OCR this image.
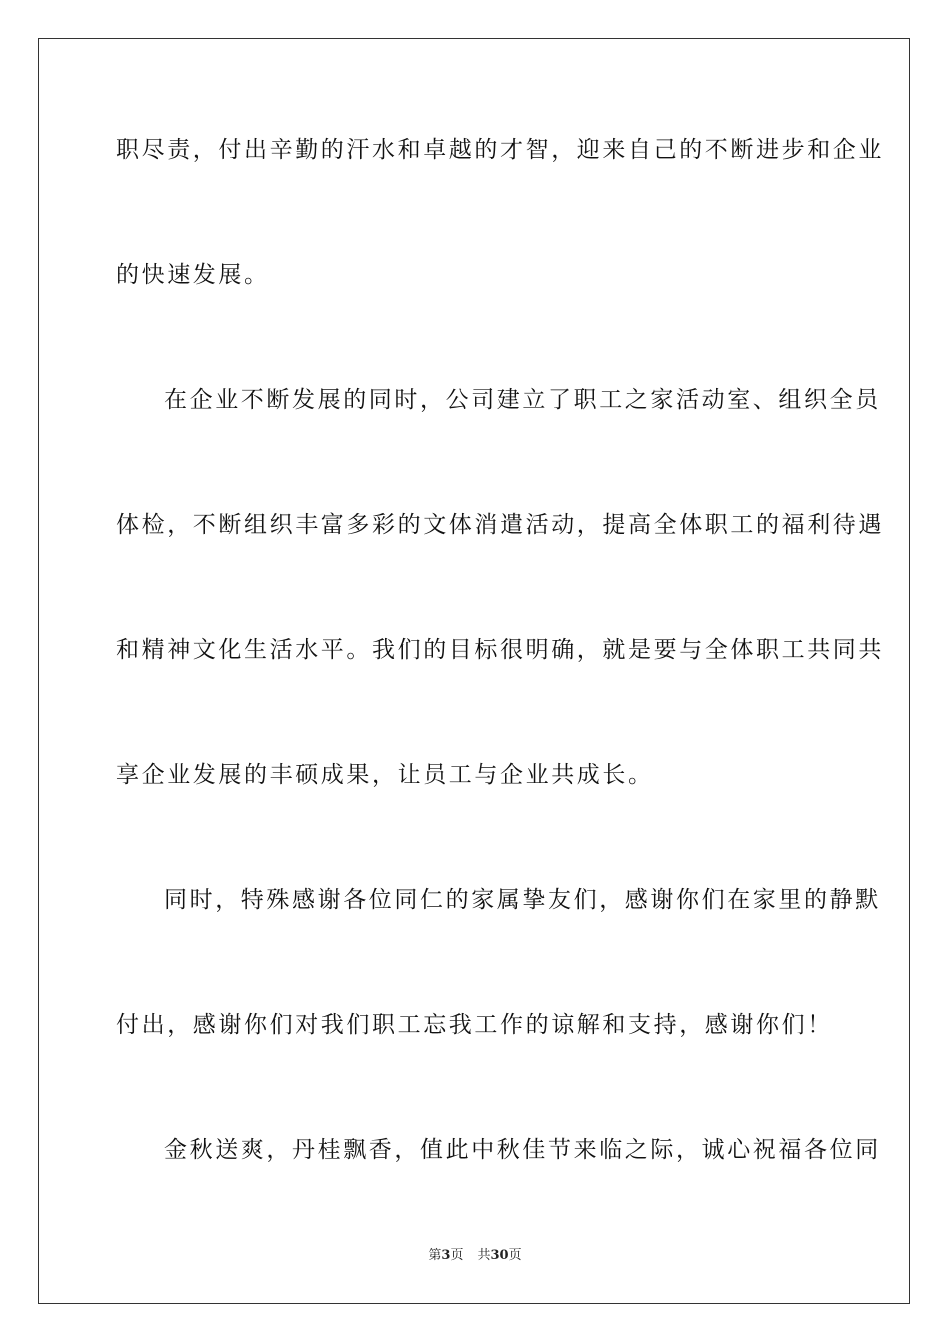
职尽责，付出辛勤的汗水和卓越的才智，迎来自己的不断进步和企业
的快速发展。
在企业不断发展的同时，公司建立了职工之家活动室、组织全员
体检，不断组织丰富多彩的文体消遣活动，提高全体职工的福利待遇
和精神文化生活水平。我们的目标很明确，就是要与全体职工共同共
享企业发展的丰硕成果，让员工与企业共成长。
同时，特殊感谢各位同仁的家属挚友们，感谢你们在家里的静默
付出，感谢你们对我们职工忘我工作的谅解和支持，感谢你们！
金秋送爽，丹桂飘香，值此中秋佳节来临之际，诚心祝福各位同
第3页 共30页
